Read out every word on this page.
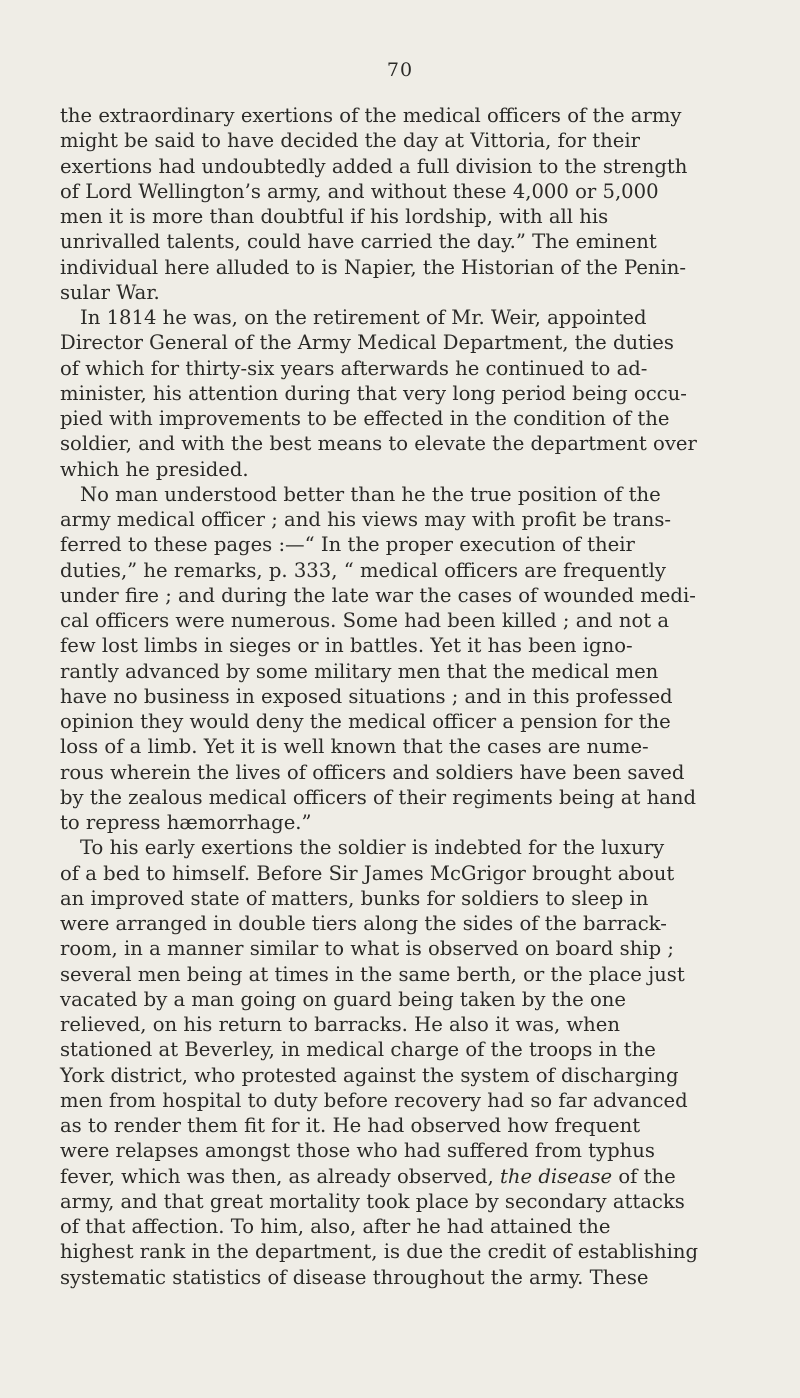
70
the extraordinary exertions of the medical officers of the army
might be said to have decided the day at Vittoria, for their
exertions had undoubtedly added a full division to the strength
of Lord Wellington’s army, and without these 4,000 or 5,000
men it is more than doubtful if his lordship, with all his
unrivalled talents, could have carried the day.” The eminent
individual here alluded to is Napier, the Historian of the Penin-
sular War.
In 1814 he was, on the retirement of Mr. Weir, appointed
Director General of the Army Medical Department, the duties
of which for thirty-six years afterwards he continued to ad-
minister, his attention during that very long period being occu-
pied with improvements to be effected in the condition of the
soldier, and with the best means to elevate the department over
which he presided.
No man understood better than he the true position of the
army medical officer ; and his views may with profit be trans-
ferred to these pages :—“ In the proper execution of their
duties,” he remarks, p. 333, “ medical officers are frequently
under fire ; and during the late war the cases of wounded medi-
cal officers were numerous. Some had been killed ; and not a
few lost limbs in sieges or in battles. Yet it has been igno-
rantly advanced by some military men that the medical men
have no business in exposed situations ; and in this professed
opinion they would deny the medical officer a pension for the
loss of a limb. Yet it is well known that the cases are nume-
rous wherein the lives of officers and soldiers have been saved
by the zealous medical officers of their regiments being at hand
to repress hæmorrhage.”
To his early exertions the soldier is indebted for the luxury
of a bed to himself. Before Sir James McGrigor brought about
an improved state of matters, bunks for soldiers to sleep in
were arranged in double tiers along the sides of the barrack-
room, in a manner similar to what is observed on board ship ;
several men being at times in the same berth, or the place just
vacated by a man going on guard being taken by the one
relieved, on his return to barracks. He also it was, when
stationed at Beverley, in medical charge of the troops in the
York district, who protested against the system of discharging
men from hospital to duty before recovery had so far advanced
as to render them fit for it. He had observed how frequent
were relapses amongst those who had suffered from typhus
fever, which was then, as already observed, the disease of the
army, and that great mortality took place by secondary attacks
of that affection. To him, also, after he had attained the
highest rank in the department, is due the credit of establishing
systematic statistics of disease throughout the army. These
